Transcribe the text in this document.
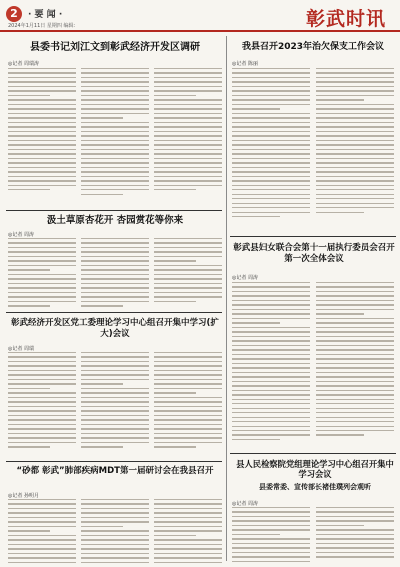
2	· 要 闻 ·
2024年1月11日 星期四 编辑：	彰武时讯
县委书记刘江文到彰武经济开发区调研
◎记者 周瑞涛
我县召开2023年治欠保支工作会议
◎记者 陈丽
汲土草原杏花开 杏园赏花等你来
◎记者 周涛
彰武县妇女联合会第十一届执行委员会召开第一次全体会议
◎记者 周涛
彰武经济开发区党工委理论学习中心组召开集中学习(扩大)会议
◎记者 周瑞
“砂都 彰武”肺部疾病MDT第一届研讨会在我县召开
◎记者 孙明月
县人民检察院党组理论学习中心组召开集中学习会议
县委常委、宣传部长褚佳璞列会观听
◎记者 周涛
